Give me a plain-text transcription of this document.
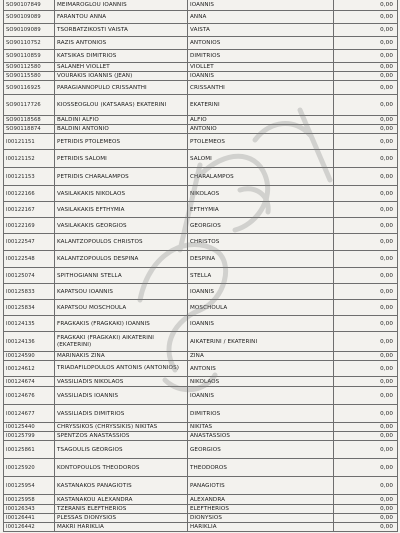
SO90107849	MEIMAROGLOU IOANNIS	IOANNIS	0,00
SO90109089	FARANTOU ANNA	ANNA	0,00
SO90109089	TSORBATZIKOSTI VAISTA	VAISTA	0,00
SO90110752	RAZIS ANTONIOS	ANTONIOS	0,00
SO90110859	KATSIKAS DIMITRIOS	DIMITRIOS	0,00
SO90112580	SALANEH VIOLLET	VIOLLET	0,00
SO90115580	VOURAKIS IOANNIS (JEAN)	IOANNIS	0,00
SO90116925	PARAGIANNOPULO CRISSANTHI	CRISSANTHI	0,00
SO90117726	KIOSSEOGLOU (KATSARAS) EKATERINI	EKATERINI	0,00
SO90118568	BALDINI ALFIO	ALFIO	0,00
SO90118874	BALDINI ANTONIO	ANTONIO	0,00
I00121151	PETRIDIS PTOLEMEOS	PTOLEMEOS	0,00
I00121152	PETRIDIS SALOMI	SALOMI	0,00
I00121153	PETRIDIS CHARALAMPOS	CHARALAMPOS	0,00
I00122166	VASILAKAKIS NIKOLAOS	NIKOLAOS	0,00
I00122167	VASILAKAKIS EFTHYMIA	EFTHYMIA	0,00
I00122169	VASILAKAKIS GEORGIOS	GEORGIOS	0,00
I00122547	KALANTZOPOULOS CHRISTOS	CHRISTOS	0,00
I00122548	KALANTZOPOULOS DESPINA	DESPINA	0,00
I00125074	SPITHOGIANNI STELLA	STELLA	0,00
I00125833	KAPATSOU IOANNIS	IOANNIS	0,00
I00125834	KAPATSOU MOSCHOULA	MOSCHOULA	0,00
I00124135	FRAGKAKIS (FRAGKAKI) IOANNIS	IOANNIS	0,00
I00124136	FRAGKAKI (FRAGKAKI) AIKATERINI (EKATERINI)	AIKATERINI / EKATERINI	0,00
I00124590	MARINAKIS ZINA	ZINA	0,00
I00124612	TRIADAFILOPOULOS ANTONIS (ANTONIOS)	ANTONIS	0,00
I00124674	VASSILIADIS NIKOLAOS	NIKOLAOS	0,00
I00124676	VASSILIADIS IOANNIS	IOANNIS	0,00
I00124677	VASSILIADIS DIMITRIOS	DIMITRIOS	0,00
I00125440	CHRYSSIKOS (CHRYSSIKIS) NIKITAS	NIKITAS	0,00
I00125799	SPENTZOS ANASTASSIOS	ANASTASSIOS	0,00
I00125861	TSAGOULIS GEORGIOS	GEORGIOS	0,00
I00125920	KONTOPOULOS THEODOROS	THEODOROS	0,00
I00125954	KASTANAKOS PANAGIOTIS	PANAGIOTIS	0,00
I00125958	KASTANAKOU ALEXANDRA	ALEXANDRA	0,00
I00126343	TZERANIS ELEFTHERIOS	ELEFTHERIOS	0,00
I00126441	PLESSAS DIONYSIOS	DIONYSIOS	0,00
I00126442	MAKRI HARIKLIA	HARIKLIA	0,00
